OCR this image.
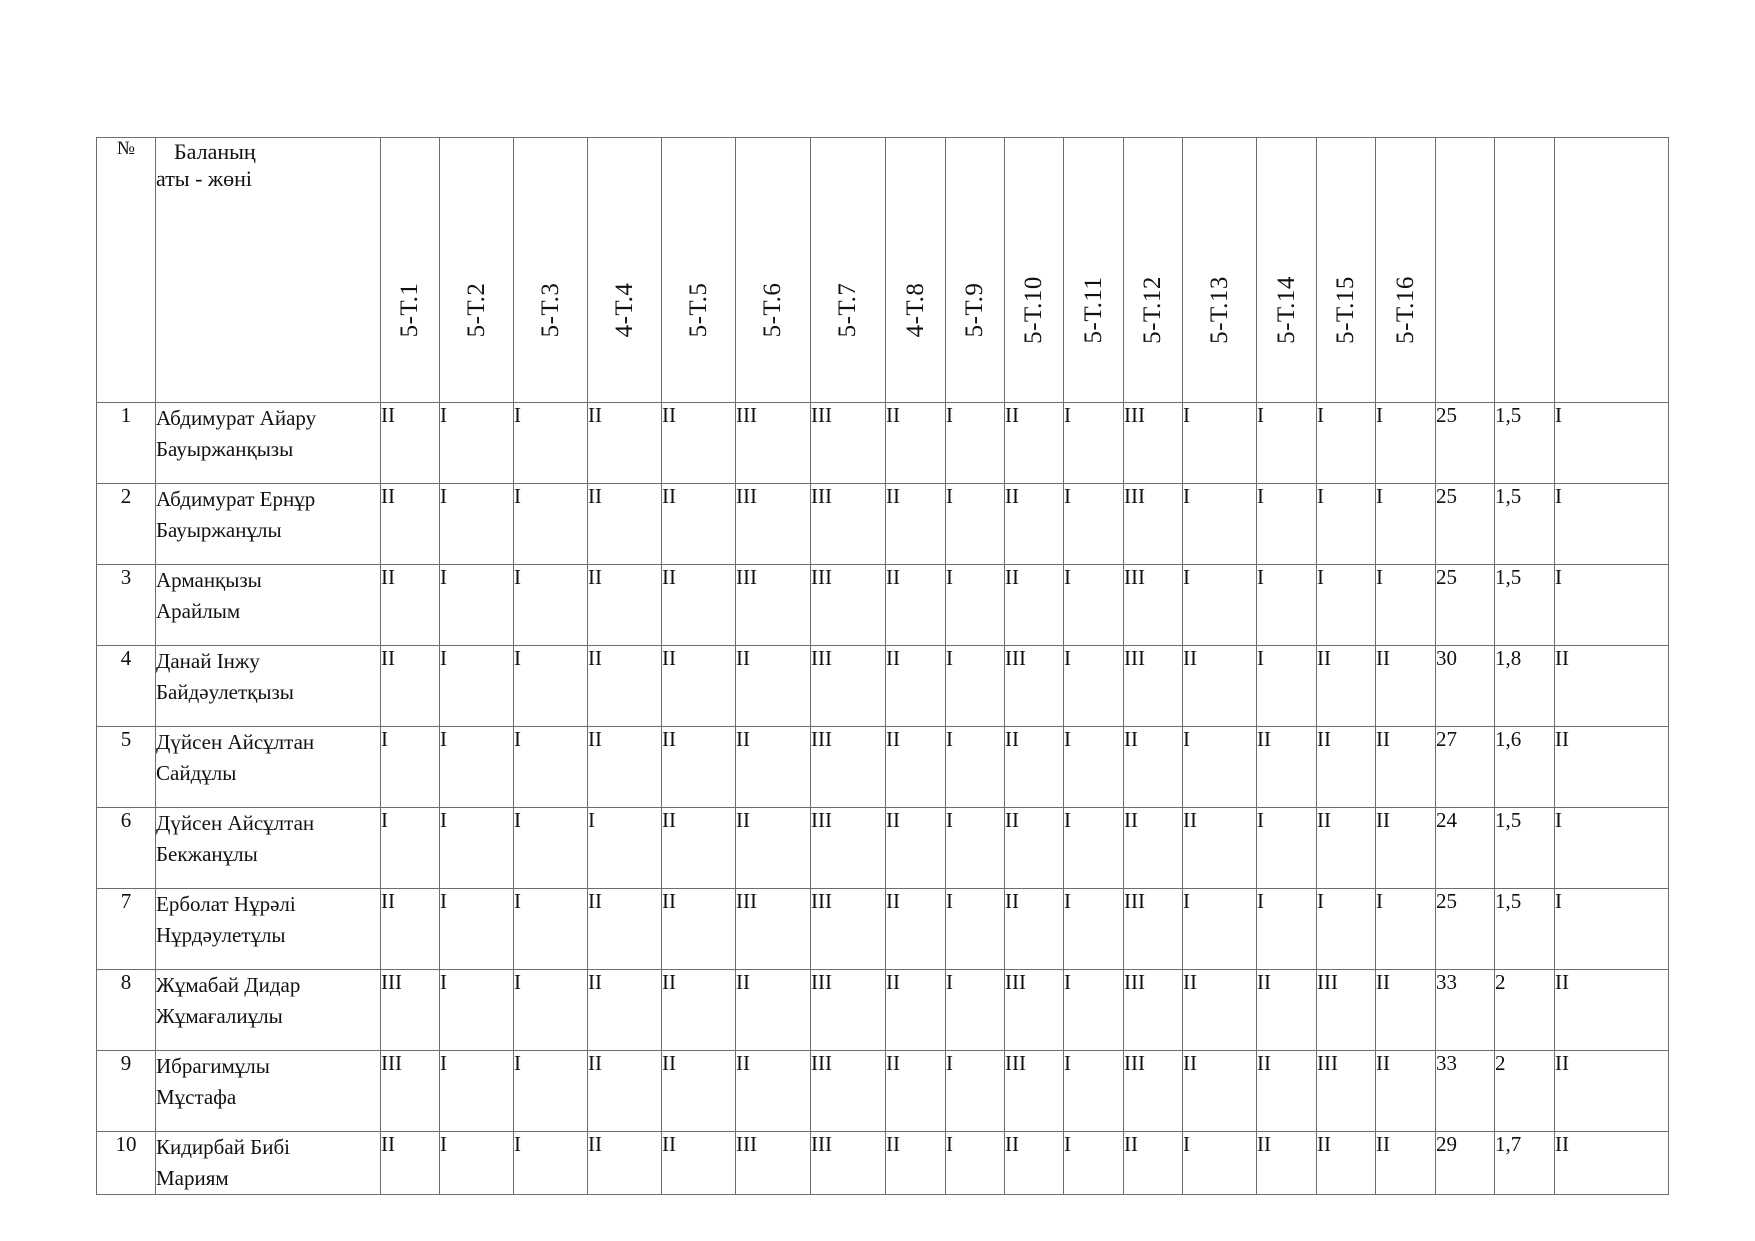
№	Баланың
аты - жөні	5-Т.1	5-Т.2	5-Т.3	4-Т.4	5-Т.5	5-Т.6	5-Т.7	4-Т.8	5-Т.9	5-Т.10	5-Т.11	5-Т.12	5-Т.13	5-Т.14	5-Т.15	5-Т.16			

1	Абдимурат Айару
Бауыржанқызы	II	I	I	II	II	III	III	II	I	II	I	III	I	I	I	I	25	1,5	I
2	Абдимурат Ернұр
Бауыржанұлы	II	I	I	II	II	III	III	II	I	II	I	III	I	I	I	I	25	1,5	I
3	Арманқызы
Арайлым	II	I	I	II	II	III	III	II	I	II	I	III	I	I	I	I	25	1,5	I
4	Данай Інжу
Байдәулетқызы	II	I	I	II	II	II	III	II	I	III	I	III	II	I	II	II	30	1,8	II
5	Дүйсен Айсұлтан
Сайдұлы	I	I	I	II	II	II	III	II	I	II	I	II	I	II	II	II	27	1,6	II
6	Дүйсен Айсұлтан
Бекжанұлы	I	I	I	I	II	II	III	II	I	II	I	II	II	I	II	II	24	1,5	I
7	Ерболат Нұрәлі
Нұрдәулетұлы	II	I	I	II	II	III	III	II	I	II	I	III	I	I	I	I	25	1,5	I
8	Жұмабай Дидар
Жұмағалиұлы	III	I	I	II	II	II	III	II	I	III	I	III	II	II	III	II	33	2	II
9	Ибрагимұлы
Мұстафа	III	I	I	II	II	II	III	II	I	III	I	III	II	II	III	II	33	2	II
10	Кидирбай Бибі
Мариям	II	I	I	II	II	III	III	II	I	II	I	II	I	II	II	II	29	1,7	II
